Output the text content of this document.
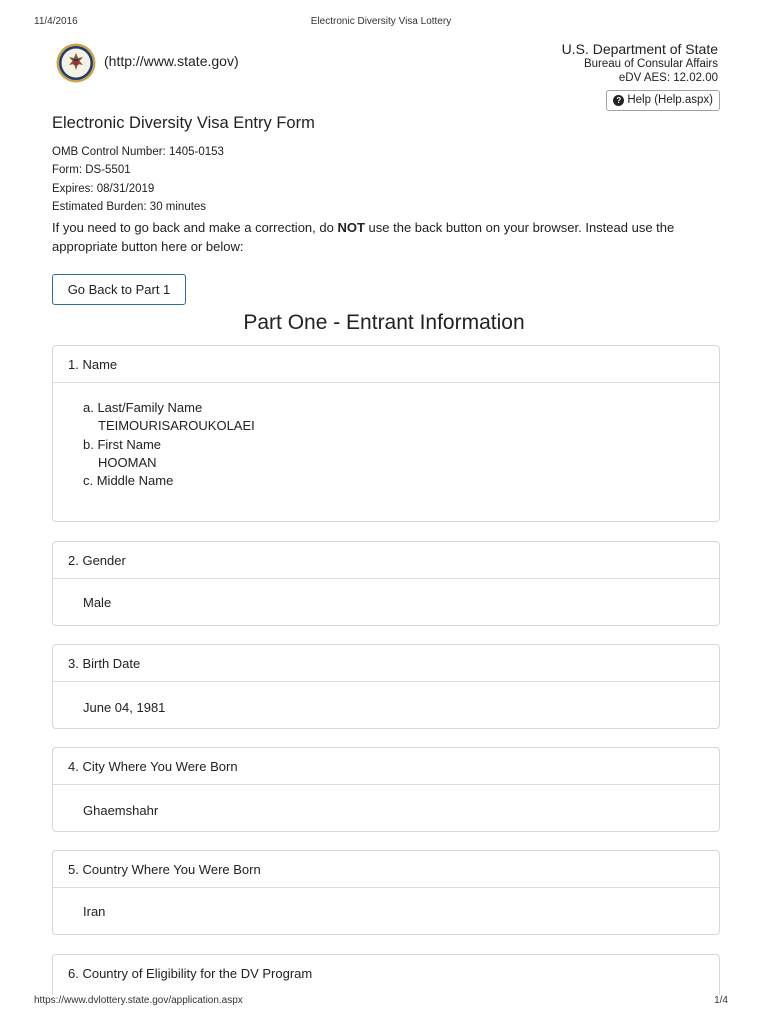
11/4/2016	Electronic Diversity Visa Lottery
(http://www.state.gov)
U.S. Department of State
Bureau of Consular Affairs
eDV AES: 12.02.00
? Help (Help.aspx)
Electronic Diversity Visa Entry Form
OMB Control Number: 1405-0153
Form: DS-5501
Expires: 08/31/2019
Estimated Burden: 30 minutes
If you need to go back and make a correction, do NOT use the back button on your browser. Instead use the appropriate button here or below:
Go Back to Part 1
Part One - Entrant Information
1. Name
a. Last/Family Name
TEIMOURISAROUKOLAEI
b. First Name
HOOMAN
c. Middle Name
2. Gender
Male
3. Birth Date
June 04, 1981
4. City Where You Were Born
Ghaemshahr
5. Country Where You Were Born
Iran
6. Country of Eligibility for the DV Program
https://www.dvlottery.state.gov/application.aspx	1/4
